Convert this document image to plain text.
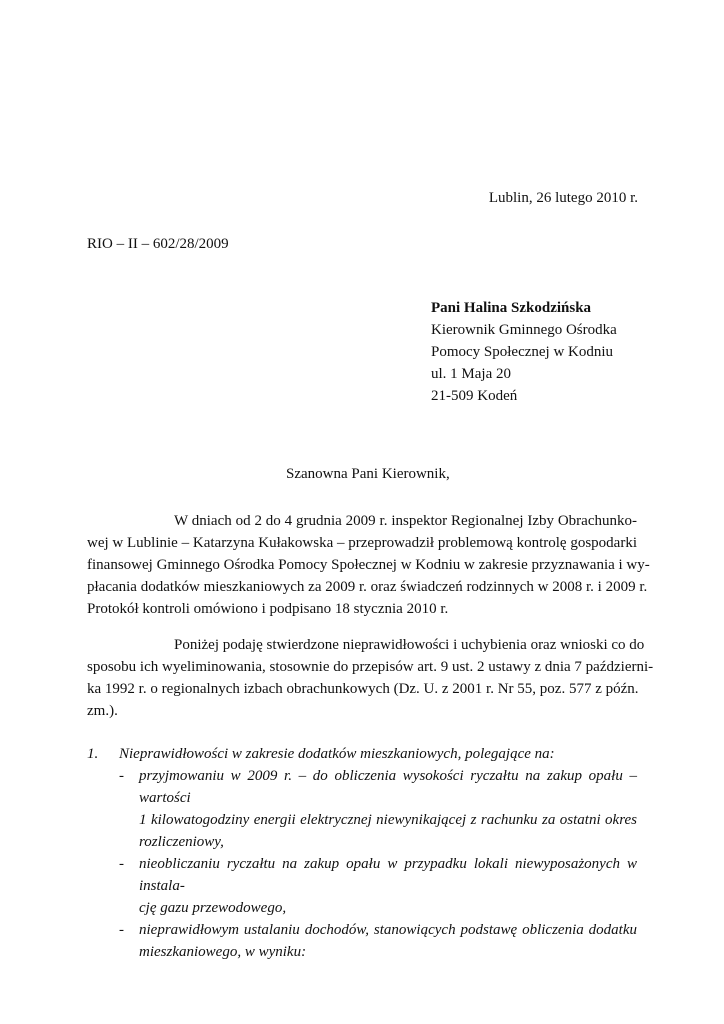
Lublin, 26 lutego 2010 r.
RIO – II – 602/28/2009
Pani Halina Szkodzińska
Kierownik Gminnego Ośrodka
Pomocy Społecznej w Kodniu
ul. 1 Maja 20
21-509 Kodeń
Szanowna Pani Kierownik,
W dniach od 2 do 4 grudnia 2009 r. inspektor Regionalnej Izby Obrachunko-
wej w Lublinie – Katarzyna Kułakowska – przeprowadził problemową kontrolę gospodarki
finansowej Gminnego Ośrodka Pomocy Społecznej w Kodniu w zakresie przyznawania i wy-
płacania dodatków mieszkaniowych za 2009 r. oraz świadczeń rodzinnych w 2008 r. i 2009 r.
Protokół kontroli omówiono i podpisano 18 stycznia 2010 r.
Poniżej podaję stwierdzone nieprawidłowości i uchybienia oraz wnioski co do
sposobu ich wyeliminowania, stosownie do przepisów art. 9 ust. 2 ustawy z dnia 7 październi-
ka 1992 r. o regionalnych izbach obrachunkowych (Dz. U. z 2001 r. Nr 55, poz. 577 z późn.
zm.).
1.	Nieprawidłowości w zakresie dodatków mieszkaniowych, polegające na:
- przyjmowaniu w 2009 r. – do obliczenia wysokości ryczałtu na zakup opału – wartości
1 kilowatogodziny energii elektrycznej niewynikającej z rachunku za ostatni okres
rozliczeniowy,
- nieobliczaniu ryczałtu na zakup opału w przypadku lokali niewyposażonych w instala-
cję gazu przewodowego,
- nieprawidłowym ustalaniu dochodów, stanowiących podstawę obliczenia dodatku
mieszkaniowego, w wyniku:
